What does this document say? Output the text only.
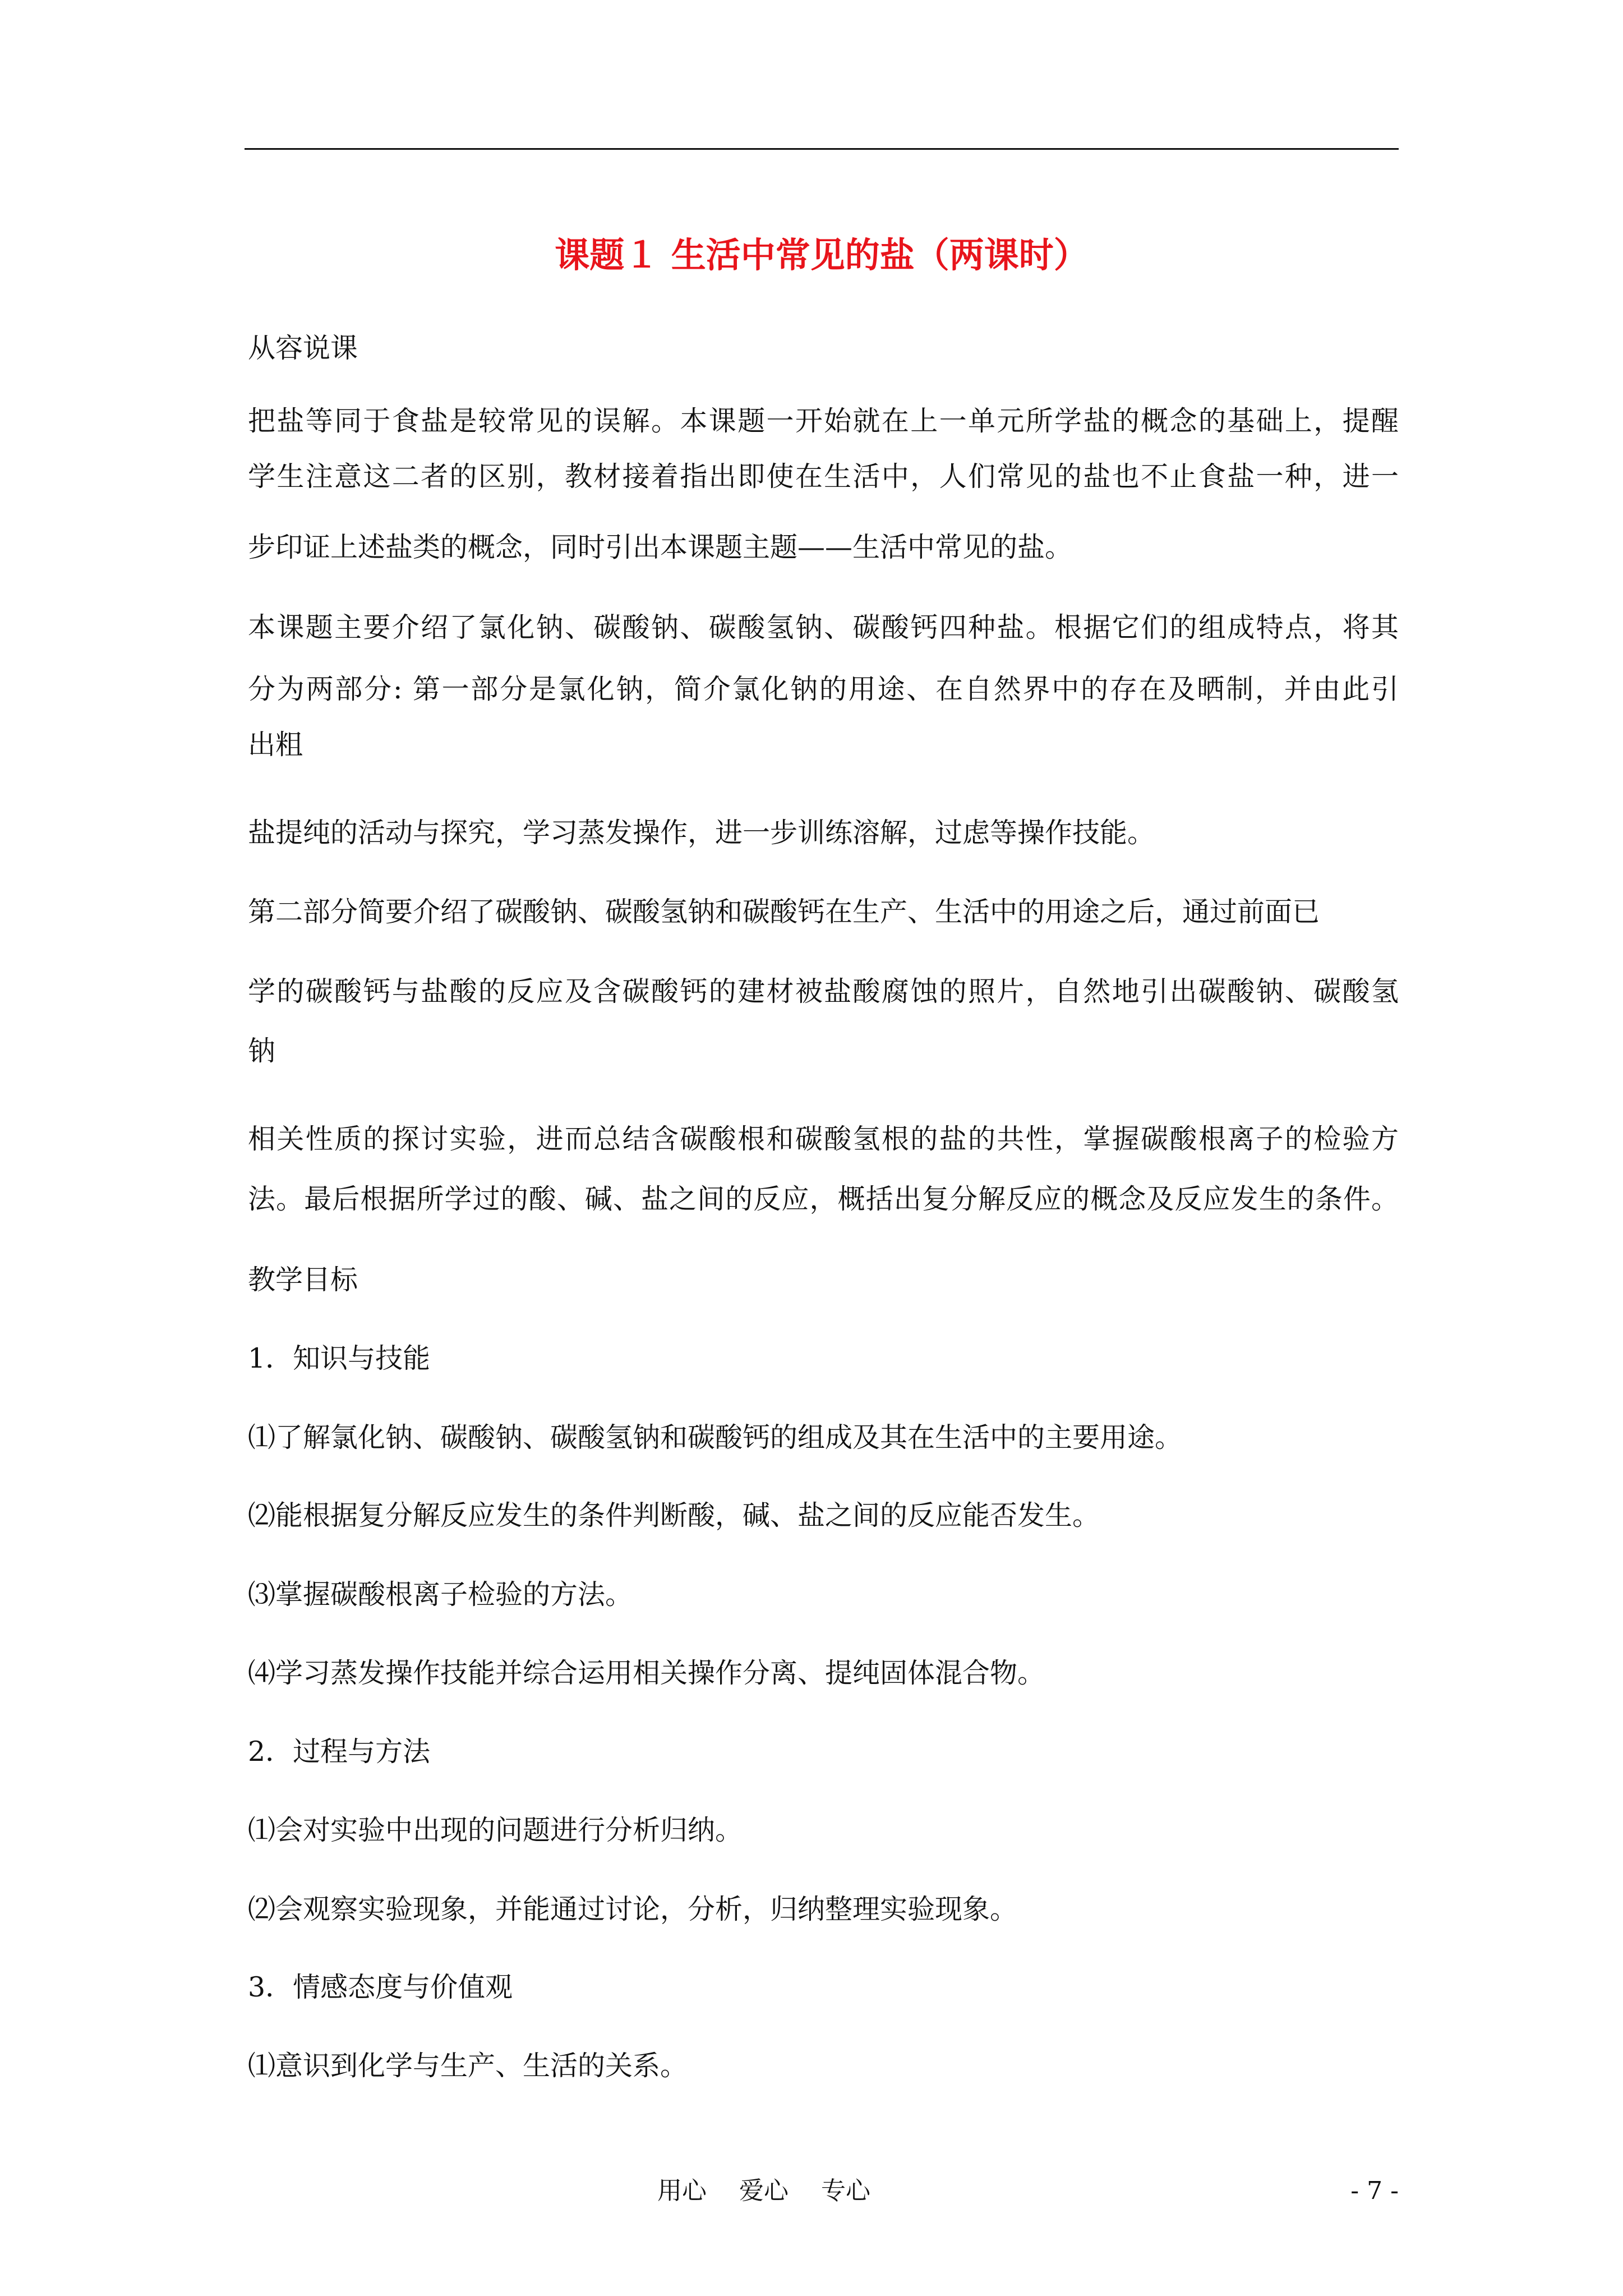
课题１ 生活中常见的盐（两课时）
从容说课
把盐等同于食盐是较常见的误解。本课题一开始就在上一单元所学盐的概念的基础上，提醒
学生注意这二者的区别，教材接着指出即使在生活中，人们常见的盐也不止食盐一种，进一
步印证上述盐类的概念，同时引出本课题主题——生活中常见的盐。
本课题主要介绍了氯化钠、碳酸钠、碳酸氢钠、碳酸钙四种盐。根据它们的组成特点，将其
分为两部分: 第一部分是氯化钠，简介氯化钠的用途、在自然界中的存在及晒制，并由此引
出粗
盐提纯的活动与探究，学习蒸发操作，进一步训练溶解，过虑等操作技能。
第二部分简要介绍了碳酸钠、碳酸氢钠和碳酸钙在生产、生活中的用途之后，通过前面已
学的碳酸钙与盐酸的反应及含碳酸钙的建材被盐酸腐蚀的照片，自然地引出碳酸钠、碳酸氢
钠
相关性质的探讨实验，进而总结含碳酸根和碳酸氢根的盐的共性，掌握碳酸根离子的检验方
法。最后根据所学过的酸、碱、盐之间的反应，概括出复分解反应的概念及反应发生的条件。
教学目标
1．知识与技能
⑴了解氯化钠、碳酸钠、碳酸氢钠和碳酸钙的组成及其在生活中的主要用途。
⑵能根据复分解反应发生的条件判断酸，碱、盐之间的反应能否发生。
⑶掌握碳酸根离子检验的方法。
⑷学习蒸发操作技能并综合运用相关操作分离、提纯固体混合物。
2．过程与方法
⑴会对实验中出现的问题进行分析归纳。
⑵会观察实验现象，并能通过讨论，分析，归纳整理实验现象。
3．情感态度与价值观
⑴意识到化学与生产、生活的关系。
用心　 爱心　 专心	- 7 -
